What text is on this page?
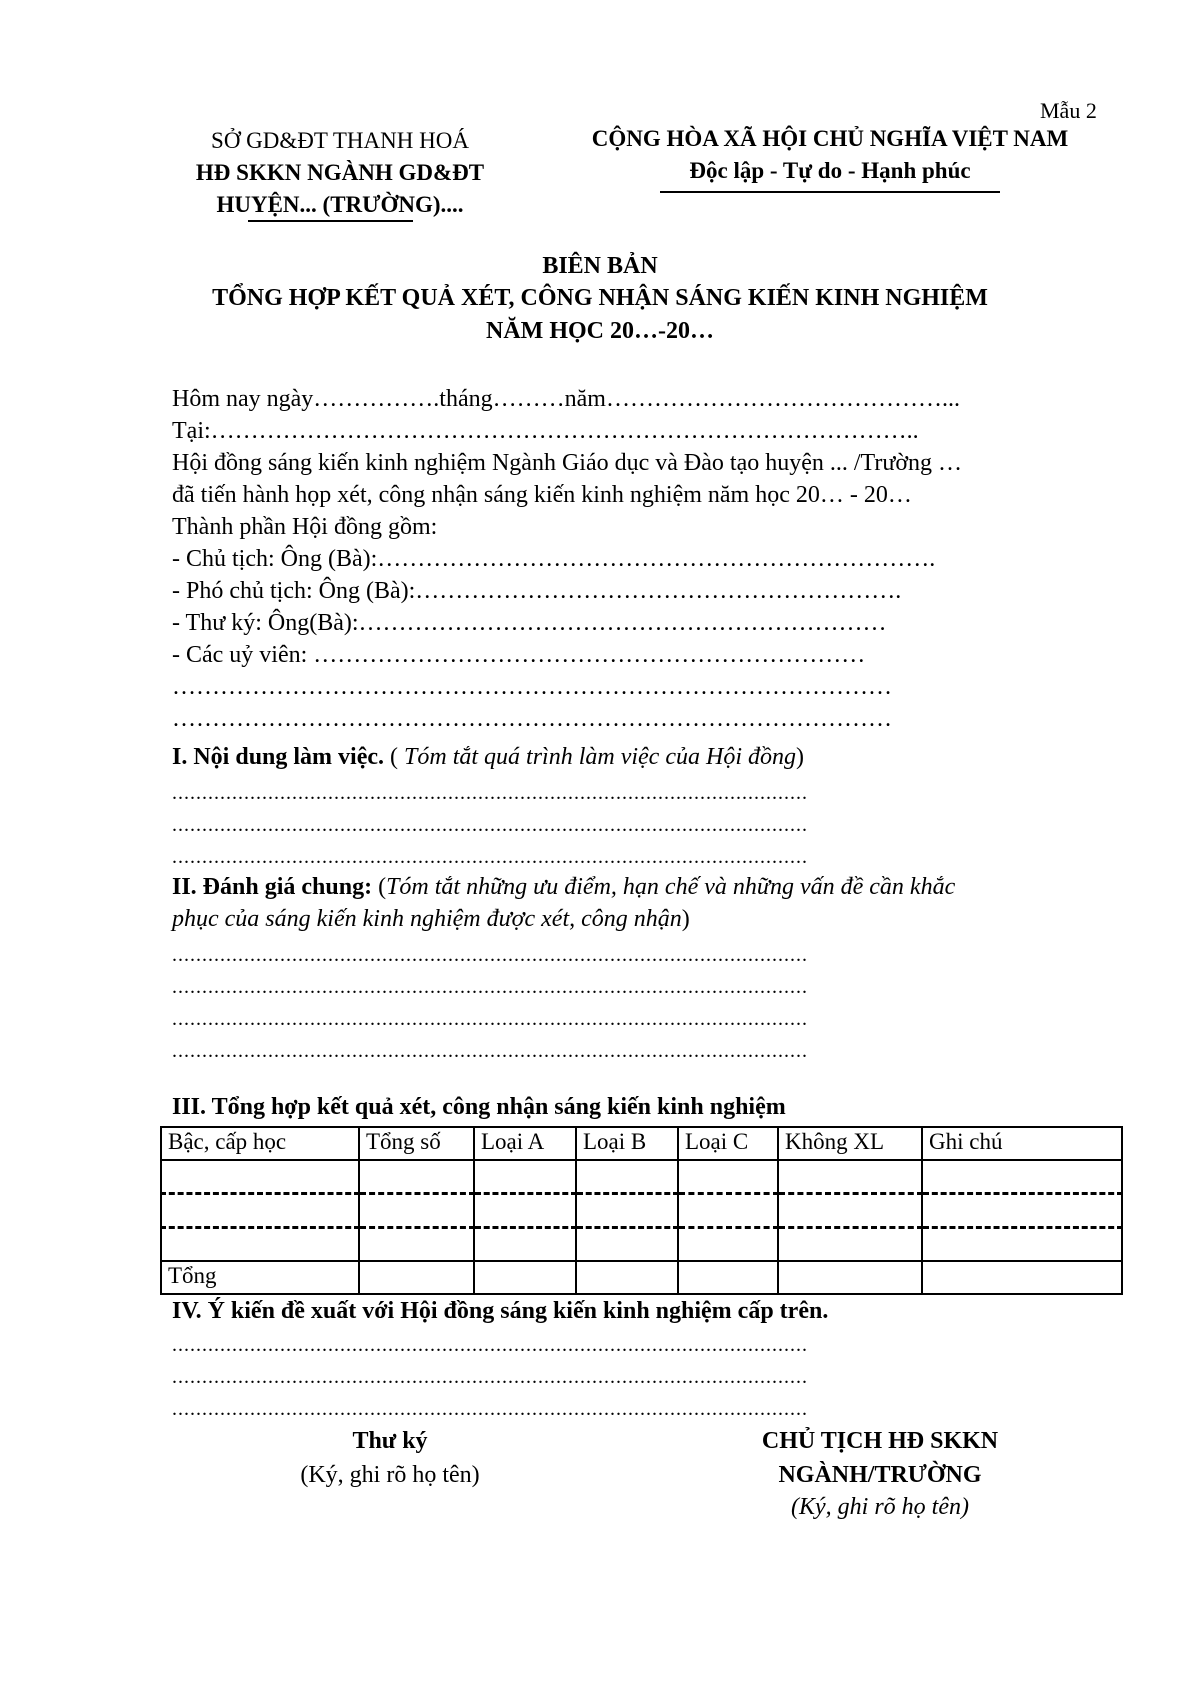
Mẫu 2
SỞ GD&ĐT THANH HOÁ
HĐ SKKN NGÀNH GD&ĐT
HUYỆN... (TRƯỜNG)....
CỘNG HÒA XÃ HỘI CHỦ NGHĨA VIỆT NAM
Độc lập - Tự do - Hạnh phúc
BIÊN BẢN
TỔNG HỢP KẾT QUẢ XÉT, CÔNG NHẬN SÁNG KIẾN KINH NGHIỆM
NĂM HỌC 20…-20…
Hôm nay ngày…………….tháng………năm……………………………………...
Tại:……………………………………………………………………………..
Hội đồng sáng kiến kinh nghiệm Ngành Giáo dục và Đào tạo huyện ... /Trường …
đã tiến hành họp xét, công nhận sáng kiến kinh nghiệm năm học 20… - 20…
Thành phần Hội đồng gồm:
- Chủ tịch: Ông (Bà):…………………………………………………………….
- Phó chủ tịch: Ông (Bà):…………………………………………………….
- Thư ký: Ông(Bà):…………………………………………………………
- Các uỷ viên: ……………………………………………………………
………………………………………………………………………………
………………………………………………………………………………
I. Nội dung làm việc. ( Tóm tắt quá trình làm việc của Hội đồng)
..........................................................................................................
..........................................................................................................
..........................................................................................................
II. Đánh giá chung: (Tóm tắt những ưu điểm, hạn chế và những vấn đề cần khắc
phục của sáng kiến kinh nghiệm được xét, công nhận)
..........................................................................................................
..........................................................................................................
..........................................................................................................
..........................................................................................................
III. Tổng hợp kết quả xét, công nhận sáng kiến kinh nghiệm
Bậc, cấp học	Tổng số	Loại A	Loại B	Loại C	Không XL	Ghi chú

Tổng						
IV. Ý kiến đề xuất với Hội đồng sáng kiến kinh nghiệm cấp trên.
..........................................................................................................
..........................................................................................................
..........................................................................................................
Thư ký
(Ký, ghi rõ họ tên)
CHỦ TỊCH HĐ SKKN
NGÀNH/TRƯỜNG
(Ký, ghi rõ họ tên)
